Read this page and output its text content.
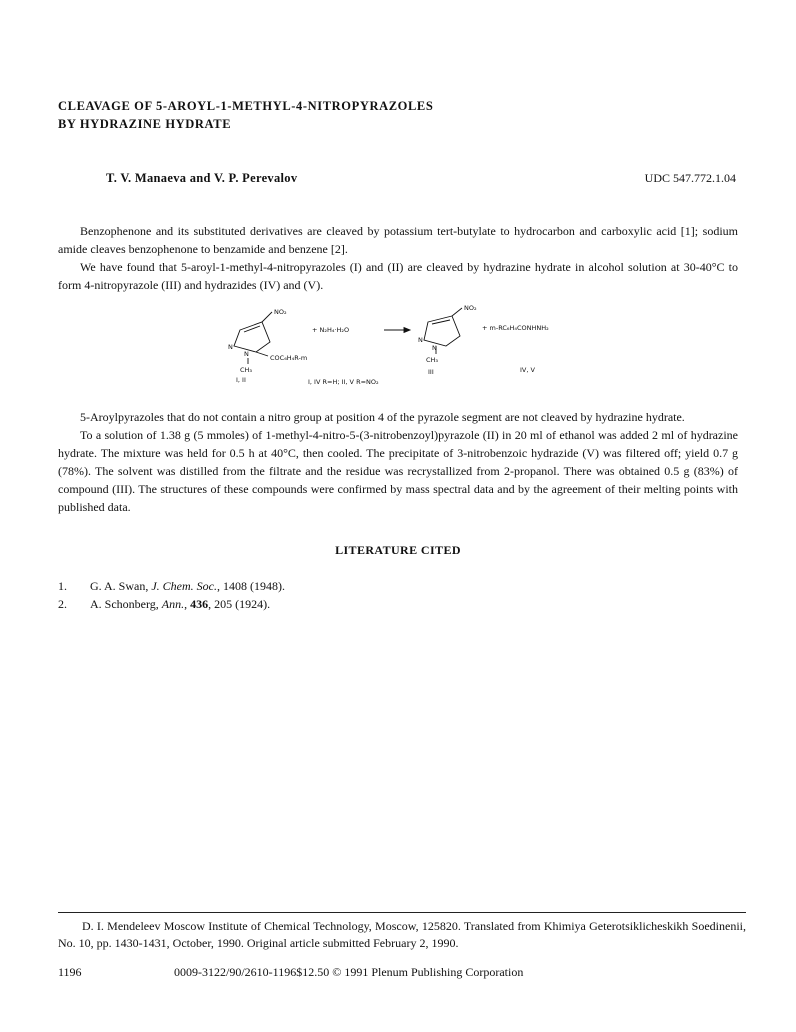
CLEAVAGE OF 5-AROYL-1-METHYL-4-NITROPYRAZOLES
BY HYDRAZINE HYDRATE
T. V. Manaeva and V. P. Perevalov	UDC 547.772.1.04

Benzophenone and its substituted derivatives are cleaved by potassium tert-butylate to hydrocarbon and carboxylic acid [1]; sodium amide cleaves benzophenone to benzamide and benzene [2].

We have found that 5-aroyl-1-methyl-4-nitropyrazoles (I) and (II) are cleaved by hydrazine hydrate in alcohol solution at 30-40°C to form 4-nitropyrazole (III) and hydrazides (IV) and (V).

NO₂
N
N	COC₆H₄R-m
CH₃
I, II
+ N₂H₄·H₂O
NO₂
N
N
CH₃
III
+ m-RC₆H₄CONHNH₂
IV, V
I, IV R=H; II, V R=NO₂

5-Aroylpyrazoles that do not contain a nitro group at position 4 of the pyrazole segment are not cleaved by hydrazine hydrate.

To a solution of 1.38 g (5 mmoles) of 1-methyl-4-nitro-5-(3-nitrobenzoyl)pyrazole (II) in 20 ml of ethanol was added 2 ml of hydrazine hydrate. The mixture was held for 0.5 h at 40°C, then cooled. The precipitate of 3-nitrobenzoic hydrazide (V) was filtered off; yield 0.7 g (78%). The solvent was distilled from the filtrate and the residue was recrystallized from 2-propanol. There was obtained 0.5 g (83%) of compound (III). The structures of these compounds were confirmed by mass spectral data and by the agreement of their melting points with published data.

LITERATURE CITED
1.	G. A. Swan, J. Chem. Soc., 1408 (1948).
2.	A. Schonberg, Ann., 436, 205 (1924).

D. I. Mendeleev Moscow Institute of Chemical Technology, Moscow, 125820. Translated from Khimiya Geterotsiklicheskikh Soedinenii, No. 10, pp. 1430-1431, October, 1990. Original article submitted February 2, 1990.

1196	0009-3122/90/2610-1196$12.50 © 1991 Plenum Publishing Corporation
